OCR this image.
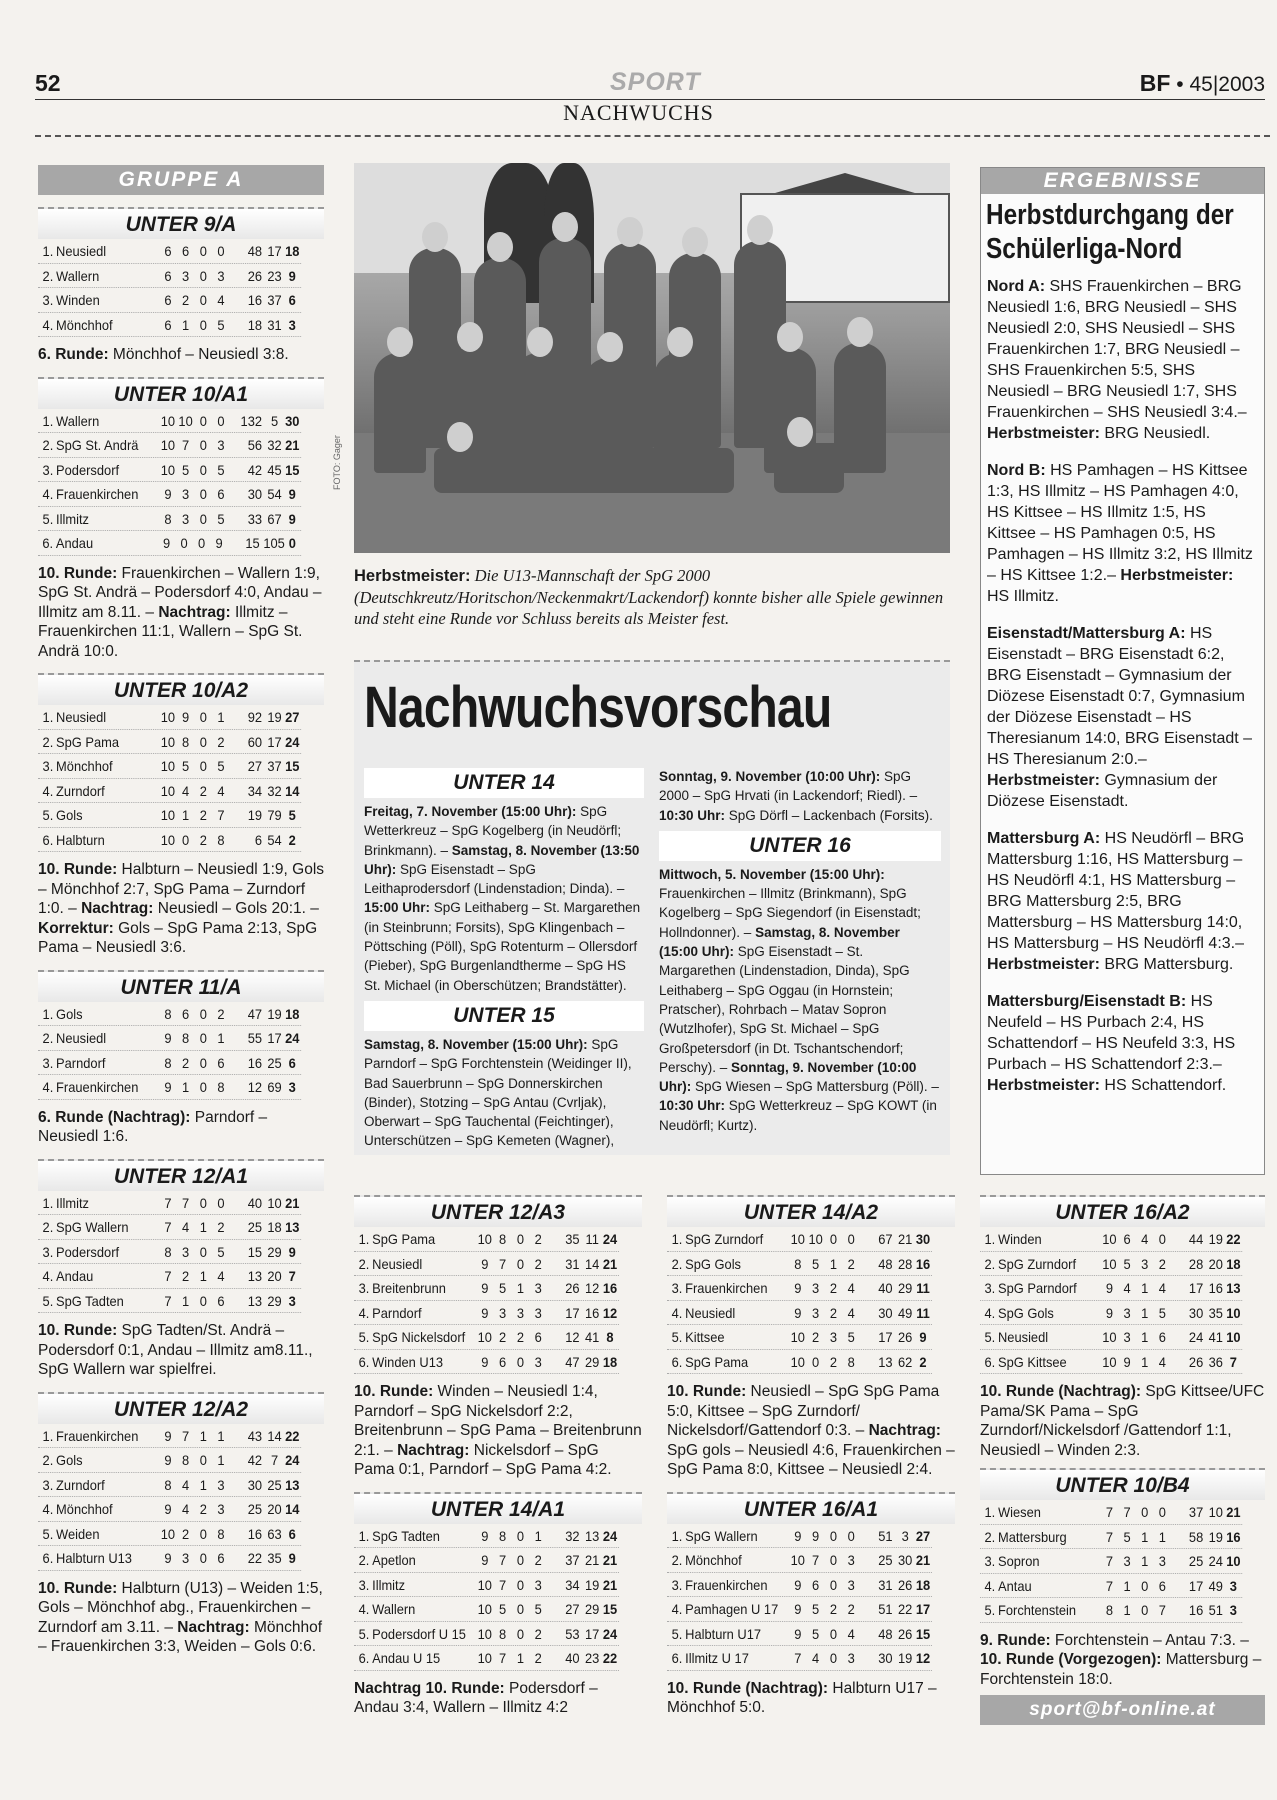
52	SPORT	BF • 45|2003
NACHWUCHS
GRUPPE A
UNTER 9/A
1. Neusiedl	6 6 0 0	48 17 18
2. Wallern	6 3 0 3	26 23 9
3. Winden	6 2 0 4	16 37 6
4. Mönchhof	6 1 0 5	18 31 3
6. Runde: Mönchhof – Neusiedl 3:8.
UNTER 10/A1
1. Wallern	10 10 0 0	132 5 30
2. SpG St. Andrä	10 7 0 3	56 32 21
3. Podersdorf	10 5 0 5	42 45 15
4. Frauenkirchen	9 3 0 6	30 54 9
5. Illmitz	8 3 0 5	33 67 9
6. Andau	9 0 0 9	15 105 0
10. Runde: Frauenkirchen – Wallern 1:9, SpG St. Andrä – Podersdorf 4:0, Andau – Illmitz am 8.11. – Nachtrag: Illmitz – Frauenkirchen 11:1, Wallern – SpG St. Andrä 10:0.
UNTER 10/A2
1. Neusiedl	10 9 0 1	92 19 27
2. SpG Pama	10 8 0 2	60 17 24
3. Mönchhof	10 5 0 5	27 37 15
4. Zurndorf	10 4 2 4	34 32 14
5. Gols	10 1 2 7	19 79 5
6. Halbturn	10 0 2 8	6 54 2
10. Runde: Halbturn – Neusiedl 1:9, Gols – Mönchhof 2:7, SpG Pama – Zurndorf 1:0. – Nachtrag: Neusiedl – Gols 20:1. – Korrektur: Gols – SpG Pama 2:13, SpG Pama – Neusiedl 3:6.
UNTER 11/A
1. Gols	8 6 0 2	47 19 18
2. Neusiedl	9 8 0 1	55 17 24
3. Parndorf	8 2 0 6	16 25 6
4. Frauenkirchen	9 1 0 8	12 69 3
6. Runde (Nachtrag): Parndorf – Neusiedl 1:6.
UNTER 12/A1
1. Illmitz	7 7 0 0	40 10 21
2. SpG Wallern	7 4 1 2	25 18 13
3. Podersdorf	8 3 0 5	15 29 9
4. Andau	7 2 1 4	13 20 7
5. SpG Tadten	7 1 0 6	13 29 3
10. Runde: SpG Tadten/St. Andrä – Podersdorf 0:1, Andau – Illmitz am8.11., SpG Wallern war spielfrei.
UNTER 12/A2
1. Frauenkirchen	9 7 1 1	43 14 22
2. Gols	9 8 0 1	42 7 24
3. Zurndorf	8 4 1 3	30 25 13
4. Mönchhof	9 4 2 3	25 20 14
5. Weiden	10 2 0 8	16 63 6
6. Halbturn U13	9 3 0 6	22 35 9
10. Runde: Halbturn (U13) – Weiden 1:5, Gols – Mönchhof abg., Frauenkirchen – Zurndorf am 3.11. – Nachtrag: Mönchhof – Frauenkirchen 3:3, Weiden – Gols 0:6.
FOTO: Gager
Herbstmeister: Die U13-Mannschaft der SpG 2000 (Deutschkreutz/Horitschon/Neckenmakrt/Lackendorf) konnte bisher alle Spiele gewinnen und steht eine Runde vor Schluss bereits als Meister fest.
Nachwuchsvorschau
UNTER 14
Freitag, 7. November (15:00 Uhr): SpG Wetterkreuz – SpG Kogelberg (in Neudörfl; Brinkmann). – Samstag, 8. November (13:50 Uhr): SpG Eisenstadt – SpG Leithaprodersdorf (Lindenstadion; Dinda). – 15:00 Uhr: SpG Leithaberg – St. Margarethen (in Steinbrunn; Forsits), SpG Klingenbach – Pöttsching (Pöll), SpG Rotenturm – Ollersdorf (Pieber), SpG Burgenlandtherme – SpG HS St. Michael (in Oberschützen; Brandstätter).
UNTER 15
Samstag, 8. November (15:00 Uhr): SpG Parndorf – SpG Forchtenstein (Weidinger II), Bad Sauerbrunn – SpG Donnerskirchen (Binder), Stotzing – SpG Antau (Cvrljak), Oberwart – SpG Tauchental (Feichtinger), Unterschützen – SpG Kemeten (Wagner),
Sonntag, 9. November (10:00 Uhr): SpG 2000 – SpG Hrvati (in Lackendorf; Riedl). – 10:30 Uhr: SpG Dörfl – Lackenbach (Forsits).
UNTER 16
Mittwoch, 5. November (15:00 Uhr): Frauenkirchen – Illmitz (Brinkmann), SpG Kogelberg – SpG Siegendorf (in Eisenstadt; Hollndonner). – Samstag, 8. November (15:00 Uhr): SpG Eisenstadt – St. Margarethen (Lindenstadion, Dinda), SpG Leithaberg – SpG Oggau (in Hornstein; Pratscher), Rohrbach – Matav Sopron (Wutzlhofer), SpG St. Michael – SpG Großpetersdorf (in Dt. Tschantschendorf; Perschy). – Sonntag, 9. November (10:00 Uhr): SpG Wiesen – SpG Mattersburg (Pöll). – 10:30 Uhr: SpG Wetterkreuz – SpG KOWT (in Neudörfl; Kurtz).
ERGEBNISSE
Herbstdurchgang der
Schülerliga-Nord
Nord A: SHS Frauenkirchen – BRG Neusiedl 1:6, BRG Neusiedl – SHS Neusiedl 2:0, SHS Neusiedl – SHS Frauenkirchen 1:7, BRG Neusiedl – SHS Frauenkirchen 5:5, SHS Neusiedl – BRG Neusiedl 1:7, SHS Frauenkirchen – SHS Neusiedl 3:4.– Herbstmeister: BRG Neusiedl.
Nord B: HS Pamhagen – HS Kittsee 1:3, HS Illmitz – HS Pamhagen 4:0, HS Kittsee – HS Illmitz 1:5, HS Kittsee – HS Pamhagen 0:5, HS Pamhagen – HS Illmitz 3:2, HS Illmitz – HS Kittsee 1:2.– Herbstmeister: HS Illmitz.
Eisenstadt/Mattersburg A: HS Eisenstadt – BRG Eisenstadt 6:2, BRG Eisenstadt – Gymnasium der Diözese Eisenstadt 0:7, Gymnasium der Diözese Eisenstadt – HS Theresianum 14:0, BRG Eisenstadt – HS Theresianum 2:0.– Herbstmeister: Gymnasium der Diözese Eisenstadt.
Mattersburg A: HS Neudörfl – BRG Mattersburg 1:16, HS Mattersburg – HS Neudörfl 4:1, HS Mattersburg – BRG Mattersburg 2:5, BRG Mattersburg – HS Mattersburg 14:0, HS Mattersburg – HS Neudörfl 4:3.– Herbstmeister: BRG Mattersburg.
Mattersburg/Eisenstadt B: HS Neufeld – HS Purbach 2:4, HS Schattendorf – HS Neufeld 3:3, HS Purbach – HS Schattendorf 2:3.– Herbstmeister: HS Schattendorf.
UNTER 12/A3
1. SpG Pama	10 8 0 2	35 11 24
2. Neusiedl	9 7 0 2	31 14 21
3. Breitenbrunn	9 5 1 3	26 12 16
4. Parndorf	9 3 3 3	17 16 12
5. SpG Nickelsdorf 10 2 2 6	12 41 8
6. Winden U13	9 6 0 3	47 29 18
10. Runde: Winden – Neusiedl 1:4, Parndorf – SpG Nickelsdorf 2:2, Breitenbrunn – SpG Pama – Breitenbrunn 2:1. – Nachtrag: Nickelsdorf – SpG Pama 0:1, Parndorf – SpG Pama 4:2.
UNTER 14/A1
1. SpG Tadten	9 8 0 1	32 13 24
2. Apetlon	9 7 0 2	37 21 21
3. Illmitz	10 7 0 3	34 19 21
4. Wallern	10 5 0 5	27 29 15
5. Podersdorf U 15 10 8 0 2	53 17 24
6. Andau U 15	10 7 1 2	40 23 22
Nachtrag 10. Runde: Podersdorf – Andau 3:4, Wallern – Illmitz 4:2
UNTER 14/A2
1. SpG Zurndorf	10 10 0 0	67 21 30
2. SpG Gols	8 5 1 2	48 28 16
3. Frauenkirchen	9 3 2 4	40 29 11
4. Neusiedl	9 3 2 4	30 49 11
5. Kittsee	10 2 3 5	17 26 9
6. SpG Pama	10 0 2 8	13 62 2
10. Runde: Neusiedl – SpG SpG Pama 5:0, Kittsee – SpG Zurndorf/ Nickelsdorf/Gattendorf 0:3. – Nachtrag: SpG gols – Neusiedl 4:6, Frauenkirchen – SpG Pama 8:0, Kittsee – Neusiedl 2:4.
UNTER 16/A1
1. SpG Wallern	9 9 0 0	51 3 27
2. Mönchhof	10 7 0 3	25 30 21
3. Frauenkirchen	9 6 0 3	31 26 18
4. Pamhagen U 17	9 5 2 2	51 22 17
5. Halbturn U17	9 5 0 4	48 26 15
6. Illmitz U 17	7 4 0 3	30 19 12
10. Runde (Nachtrag): Halbturn U17 – Mönchhof 5:0.
UNTER 16/A2
1. Winden	10 6 4 0	44 19 22
2. SpG Zurndorf	10 5 3 2	28 20 18
3. SpG Parndorf	9 4 1 4	17 16 13
4. SpG Gols	9 3 1 5	30 35 10
5. Neusiedl	10 3 1 6	24 41 10
6. SpG Kittsee	10 9 1 4	26 36 7
10. Runde (Nachtrag): SpG Kittsee/UFC Pama/SK Pama – SpG Zurndorf/Nickelsdorf /Gattendorf 1:1, Neusiedl – Winden 2:3.
UNTER 10/B4
1. Wiesen	7 7 0 0	37 10 21
2. Mattersburg	7 5 1 1	58 19 16
3. Sopron	7 3 1 3	25 24 10
4. Antau	7 1 0 6	17 49 3
5. Forchtenstein	8 1 0 7	16 51 3
9. Runde: Forchtenstein – Antau 7:3. – 10. Runde (Vorgezogen): Mattersburg – Forchtenstein 18:0.
sport@bf-online.at
